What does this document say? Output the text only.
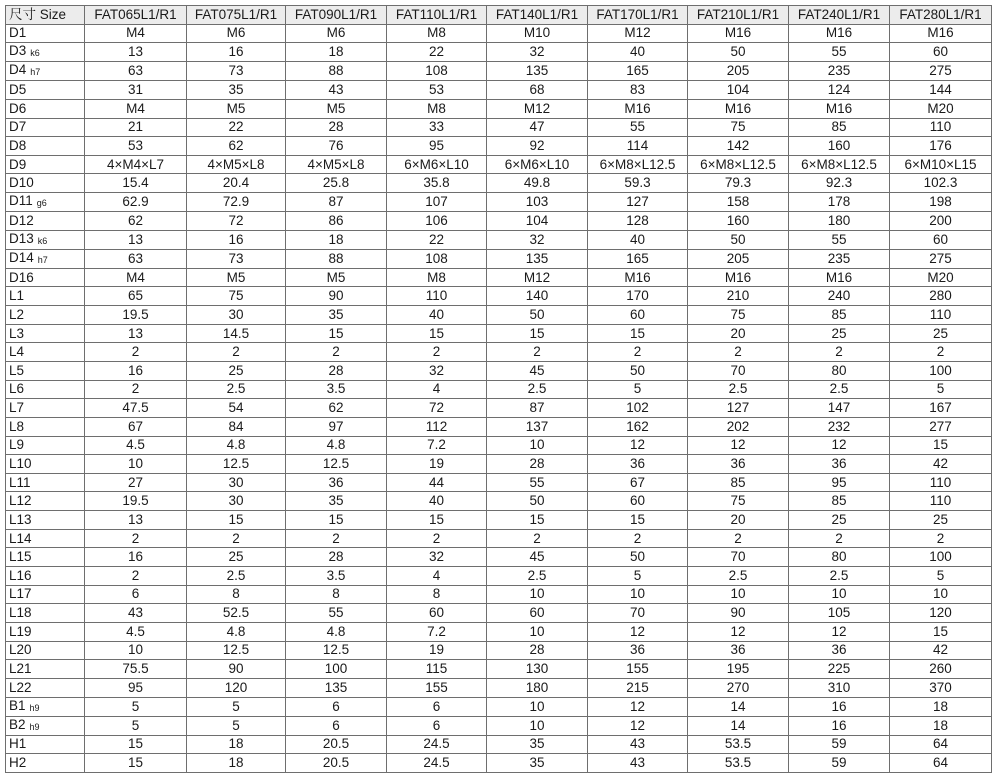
尺寸 Size	FAT065L1/R1	FAT075L1/R1	FAT090L1/R1	FAT110L1/R1	FAT140L1/R1	FAT170L1/R1	FAT210L1/R1	FAT240L1/R1	FAT280L1/R1
D1	M4	M6	M6	M8	M10	M12	M16	M16	M16
D3 k6	13	16	18	22	32	40	50	55	60
D4 h7	63	73	88	108	135	165	205	235	275
D5	31	35	43	53	68	83	104	124	144
D6	M4	M5	M5	M8	M12	M16	M16	M16	M20
D7	21	22	28	33	47	55	75	85	110
D8	53	62	76	95	92	114	142	160	176
D9	4×M4×L7	4×M5×L8	4×M5×L8	6×M6×L10	6×M6×L10	6×M8×L12.5	6×M8×L12.5	6×M8×L12.5	6×M10×L15
D10	15.4	20.4	25.8	35.8	49.8	59.3	79.3	92.3	102.3
D11 g6	62.9	72.9	87	107	103	127	158	178	198
D12	62	72	86	106	104	128	160	180	200
D13 k6	13	16	18	22	32	40	50	55	60
D14 h7	63	73	88	108	135	165	205	235	275
D16	M4	M5	M5	M8	M12	M16	M16	M16	M20
L1	65	75	90	110	140	170	210	240	280
L2	19.5	30	35	40	50	60	75	85	110
L3	13	14.5	15	15	15	15	20	25	25
L4	2	2	2	2	2	2	2	2	2
L5	16	25	28	32	45	50	70	80	100
L6	2	2.5	3.5	4	2.5	5	2.5	2.5	5
L7	47.5	54	62	72	87	102	127	147	167
L8	67	84	97	112	137	162	202	232	277
L9	4.5	4.8	4.8	7.2	10	12	12	12	15
L10	10	12.5	12.5	19	28	36	36	36	42
L11	27	30	36	44	55	67	85	95	110
L12	19.5	30	35	40	50	60	75	85	110
L13	13	15	15	15	15	15	20	25	25
L14	2	2	2	2	2	2	2	2	2
L15	16	25	28	32	45	50	70	80	100
L16	2	2.5	3.5	4	2.5	5	2.5	2.5	5
L17	6	8	8	8	10	10	10	10	10
L18	43	52.5	55	60	60	70	90	105	120
L19	4.5	4.8	4.8	7.2	10	12	12	12	15
L20	10	12.5	12.5	19	28	36	36	36	42
L21	75.5	90	100	115	130	155	195	225	260
L22	95	120	135	155	180	215	270	310	370
B1 h9	5	5	6	6	10	12	14	16	18
B2 h9	5	5	6	6	10	12	14	16	18
H1	15	18	20.5	24.5	35	43	53.5	59	64
H2	15	18	20.5	24.5	35	43	53.5	59	64
